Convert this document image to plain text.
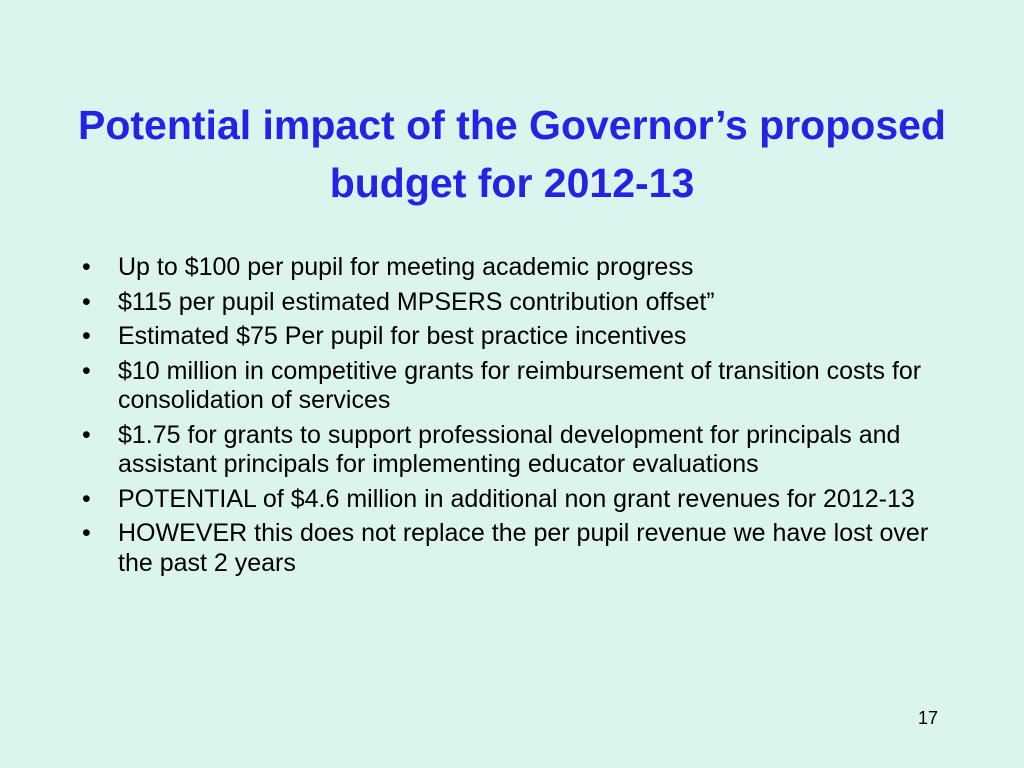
Potential impact of the Governor’s proposed budget for 2012-13
• Up to $100 per pupil for meeting academic progress
• $115 per pupil estimated MPSERS contribution offset”
• Estimated $75 Per pupil for best practice incentives
• $10 million in competitive grants for reimbursement of transition costs for consolidation of services
• $1.75 for grants to support professional development for principals and assistant principals for implementing educator evaluations
• POTENTIAL of $4.6 million in additional non grant revenues for 2012-13
• HOWEVER this does not replace the per pupil revenue we have lost over the past 2 years
17
